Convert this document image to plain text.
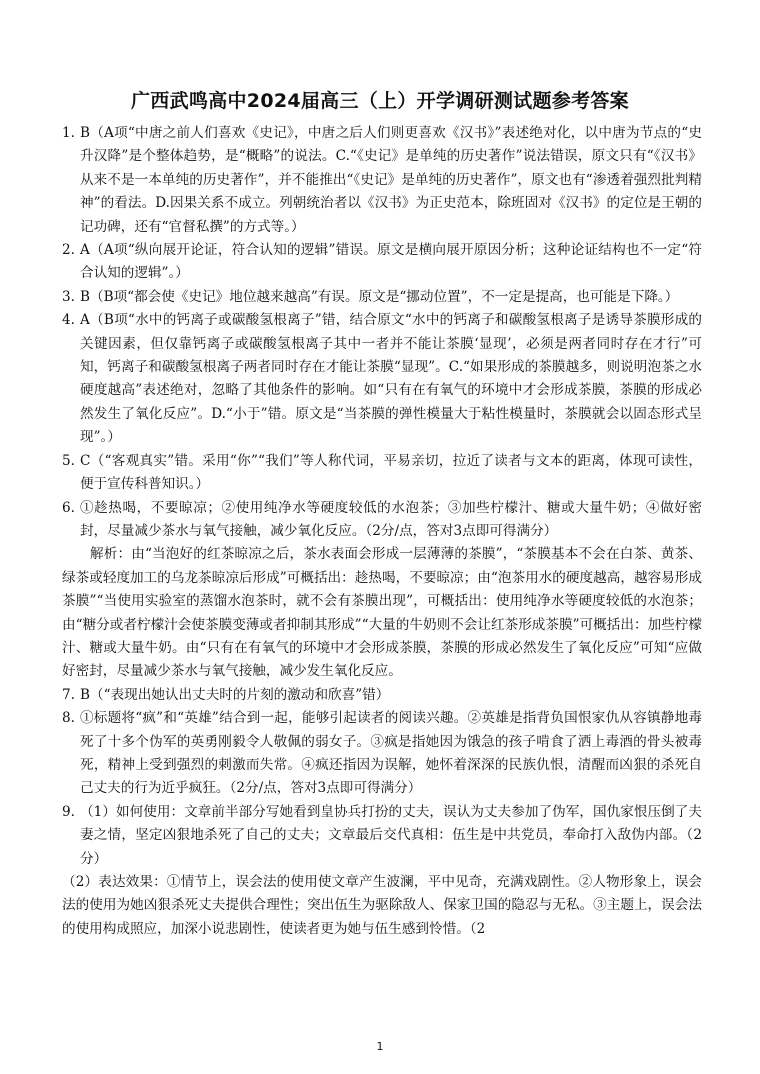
广西武鸣高中2024届高三（上）开学调研测试题参考答案
1. B（A项“中唐之前人们喜欢《史记》，中唐之后人们则更喜欢《汉书》”表述绝对化，以中唐为节点的“史升汉降”是个整体趋势，是“概略”的说法。C.“《史记》是单纯的历史著作”说法错误，原文只有“《汉书》从来不是一本单纯的历史著作”，并不能推出“《史记》是单纯的历史著作”，原文也有“渗透着强烈批判精神”的看法。D.因果关系不成立。列朝统治者以《汉书》为正史范本，除班固对《汉书》的定位是王朝的记功碑，还有“官督私撰”的方式等。）
2. A（A项“纵向展开论证，符合认知的逻辑”错误。原文是横向展开原因分析；这种论证结构也不一定“符合认知的逻辑”。）
3. B（B项“都会使《史记》地位越来越高”有误。原文是“挪动位置”，不一定是提高，也可能是下降。）
4. A（B项“水中的钙离子或碳酸氢根离子”错，结合原文“水中的钙离子和碳酸氢根离子是诱导茶膜形成的关键因素，但仅靠钙离子或碳酸氢根离子其中一者并不能让茶膜‘显现’，必须是两者同时存在才行”可知，钙离子和碳酸氢根离子两者同时存在才能让茶膜“显现”。C.“如果形成的茶膜越多，则说明泡茶之水硬度越高”表述绝对，忽略了其他条件的影响。如“只有在有氧气的环境中才会形成茶膜，茶膜的形成必然发生了氧化反应”。D.“小于”错。原文是“当茶膜的弹性模量大于粘性模量时，茶膜就会以固态形式呈现”。）
5. C（“客观真实”错。采用“你”“我们”等人称代词，平易亲切，拉近了读者与文本的距离，体现可读性，便于宣传科普知识。）
6. ①趁热喝，不要晾凉；②使用纯净水等硬度较低的水泡茶；③加些柠檬汁、糖或大量牛奶；④做好密封，尽量减少茶水与氧气接触，减少氧化反应。（2分/点，答对3点即可得满分）

解析：由“当泡好的红茶晾凉之后，茶水表面会形成一层薄薄的茶膜”，“茶膜基本不会在白茶、黄茶、绿茶或轻度加工的乌龙茶晾凉后形成”可概括出：趁热喝，不要晾凉；由“泡茶用水的硬度越高，越容易形成茶膜”“当使用实验室的蒸馏水泡茶时，就不会有茶膜出现”，可概括出：使用纯净水等硬度较低的水泡茶；由“糖分或者柠檬汁会使茶膜变薄或者抑制其形成”“大量的牛奶则不会让红茶形成茶膜”可概括出：加些柠檬汁、糖或大量牛奶。由“只有在有氧气的环境中才会形成茶膜，茶膜的形成必然发生了氧化反应”可知“应做好密封，尽量减少茶水与氧气接触，减少发生氧化反应。

7. B（“表现出她认出丈夫时的片刻的激动和欣喜”错）
8. ①标题将“疯”和“英雄”结合到一起，能够引起读者的阅读兴趣。②英雄是指背负国恨家仇从容镇静地毒死了十多个伪军的英勇刚毅令人敬佩的弱女子。③疯是指她因为饿急的孩子啃食了洒上毒酒的骨头被毒死，精神上受到强烈的刺激而失常。④疯还指因为误解，她怀着深深的民族仇恨，清醒而凶狠的杀死自己丈夫的行为近乎疯狂。（2分/点，答对3点即可得满分）
9. （1）如何使用：文章前半部分写她看到皇协兵打扮的丈夫，误认为丈夫参加了伪军，国仇家恨压倒了夫妻之情，坚定凶狠地杀死了自己的丈夫；文章最后交代真相：伍生是中共党员，奉命打入敌伪内部。（2分）

（2）表达效果：①情节上，误会法的使用使文章产生波澜，平中见奇，充满戏剧性。②人物形象上，误会法的使用为她凶狠杀死丈夫提供合理性；突出伍生为驱除敌人、保家卫国的隐忍与无私。③主题上，误会法的使用构成照应，加深小说悲剧性，使读者更为她与伍生感到怜惜。（2

1
